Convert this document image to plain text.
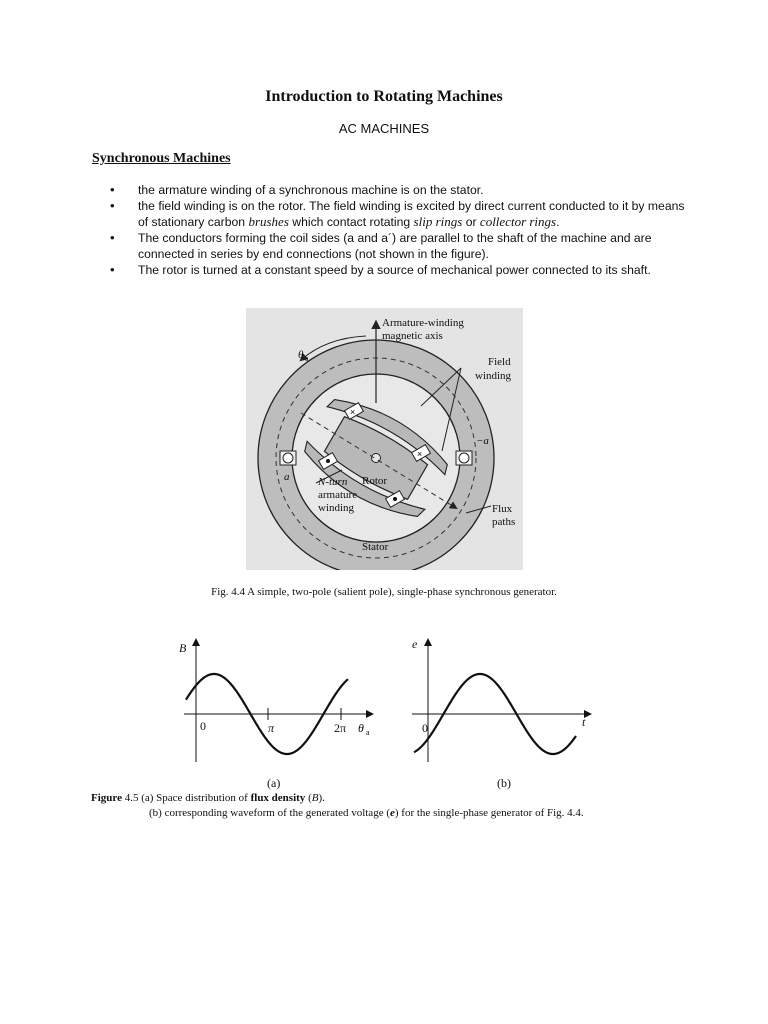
Introduction to Rotating Machines
AC MACHINES
Synchronous Machines
• the armature winding of a synchronous machine is on the stator.
• the field winding is on the rotor. The field winding is excited by direct current conducted to it by means of stationary carbon brushes which contact rotating slip rings or collector rings.
• The conductors forming the coil sides (a and a´) are parallel to the shaft of the machine and are connected in series by end connections (not shown in the figure).
• The rotor is turned at a constant speed by a source of mechanical power connected to its shaft.
×
×
Armature-winding
magnetic axis
θ a	Field
winding
−a
a	Rotor
N-turn
armature
winding	Flux
paths
Stator
Fig. 4.4 A simple, two-pole (salient pole), single-phase synchronous generator.
B
0	π	2π θ a
e
0	t
(a)	(b)
Figure 4.5 (a) Space distribution of flux density (B).
(b) corresponding waveform of the generated voltage (e) for the single-phase generator of Fig. 4.4.
